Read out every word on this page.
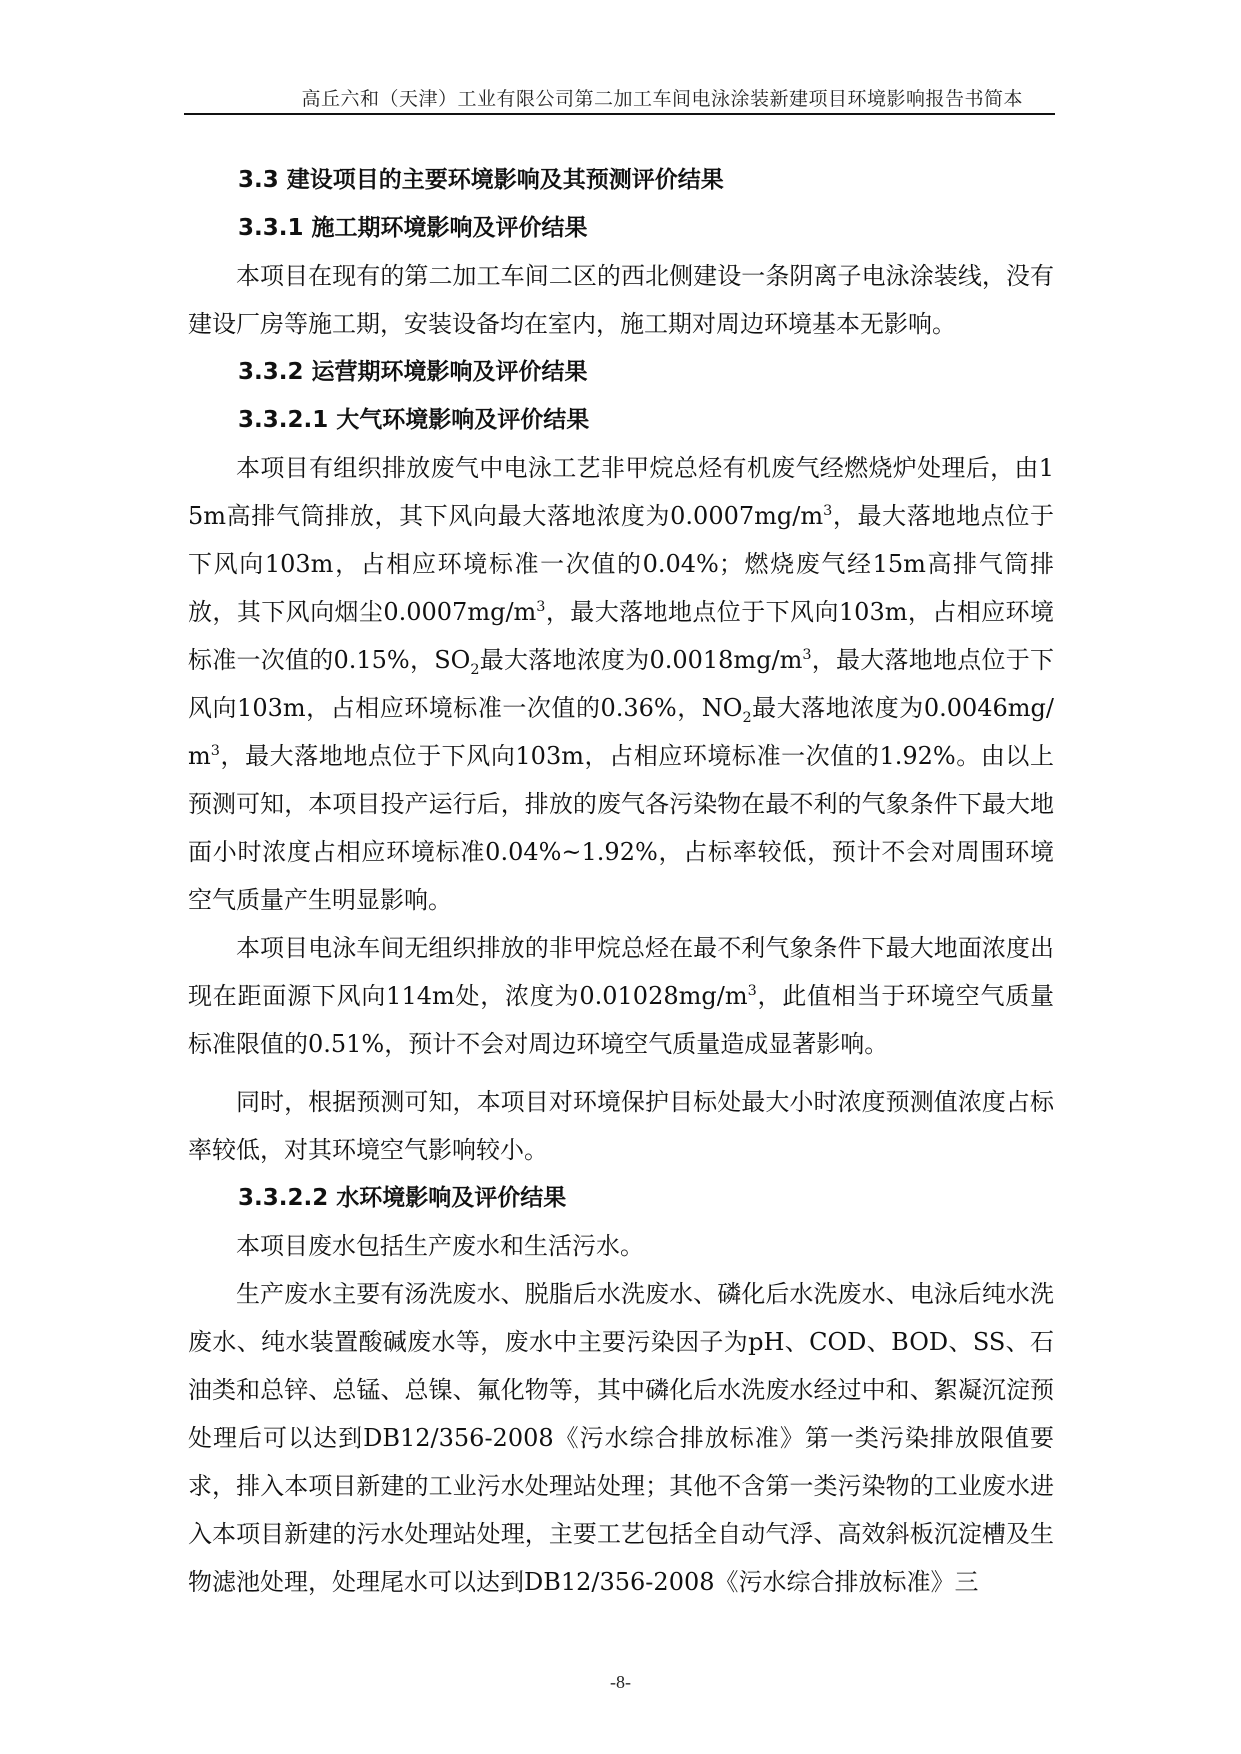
高丘六和（天津）工业有限公司第二加工车间电泳涂装新建项目环境影响报告书简本
3.3 建设项目的主要环境影响及其预测评价结果
3.3.1 施工期环境影响及评价结果

本项目在现有的第二加工车间二区的西北侧建设一条阴离子电泳涂装线，没有建设厂房等施工期，安装设备均在室内，施工期对周边环境基本无影响。

3.3.2 运营期环境影响及评价结果
3.3.2.1 大气环境影响及评价结果

本项目有组织排放废气中电泳工艺非甲烷总烃有机废气经燃烧炉处理后，由15m高排气筒排放，其下风向最大落地浓度为$0.0007mg/m^3$，最大落地地点位于下风向103m，占相应环境标准一次值的0.04%；燃烧废气经15m高排气筒排放，其下风向烟尘$0.0007mg/m^3$，最大落地地点位于下风向103m，占相应环境标准一次值的0.15%，$SO_2$最大落地浓度为$0.0018mg/m^3$，最大落地地点位于下风向103m，占相应环境标准一次值的0.36%，$NO_2$最大落地浓度为$0.0046mg/m^3$，最大落地地点位于下风向103m，占相应环境标准一次值的1.92%。由以上预测可知，本项目投产运行后，排放的废气各污染物在最不利的气象条件下最大地面小时浓度占相应环境标准0.04%~1.92%，占标率较低，预计不会对周围环境空气质量产生明显影响。

本项目电泳车间无组织排放的非甲烷总烃在最不利气象条件下最大地面浓度出现在距面源下风向114m处，浓度为$0.01028mg/m^3$，此值相当于环境空气质量标准限值的0.51%，预计不会对周边环境空气质量造成显著影响。

同时，根据预测可知，本项目对环境保护目标处最大小时浓度预测值浓度占标率较低，对其环境空气影响较小。

3.3.2.2 水环境影响及评价结果

本项目废水包括生产废水和生活污水。

生产废水主要有汤洗废水、脱脂后水洗废水、磷化后水洗废水、电泳后纯水洗废水、纯水装置酸碱废水等，废水中主要污染因子为pH、COD、BOD、SS、石油类和总锌、总锰、总镍、氟化物等，其中磷化后水洗废水经过中和、絮凝沉淀预处理后可以达到DB12/356-2008《污水综合排放标准》第一类污染排放限值要求，排入本项目新建的工业污水处理站处理；其他不含第一类污染物的工业废水进入本项目新建的污水处理站处理，主要工艺包括全自动气浮、高效斜板沉淀槽及生物滤池处理，处理尾水可以达到DB12/356-2008《污水综合排放标准》三

-8-
